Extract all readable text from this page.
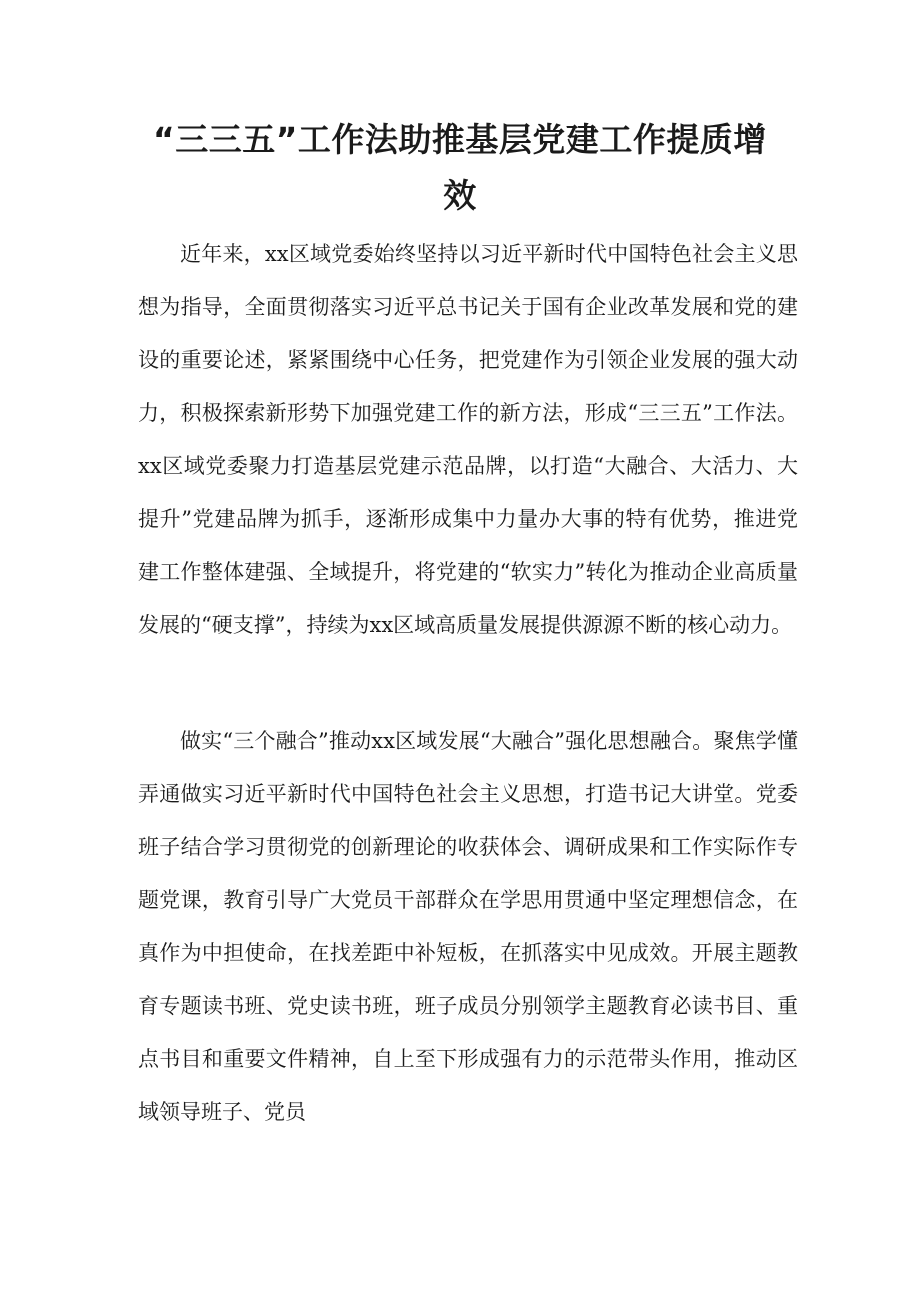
“三三五”工作法助推基层党建工作提质增效

近年来，xx区域党委始终坚持以习近平新时代中国特色社会主义思想为指导，全面贯彻落实习近平总书记关于国有企业改革发展和党的建设的重要论述，紧紧围绕中心任务，把党建作为引领企业发展的强大动力，积极探索新形势下加强党建工作的新方法，形成“三三五”工作法。xx区域党委聚力打造基层党建示范品牌，以打造“大融合、大活力、大提升”党建品牌为抓手，逐渐形成集中力量办大事的特有优势，推进党建工作整体建强、全域提升，将党建的“软实力”转化为推动企业高质量发展的“硬支撑”，持续为xx区域高质量发展提供源源不断的核心动力。

做实“三个融合”推动xx区域发展“大融合”强化思想融合。聚焦学懂弄通做实习近平新时代中国特色社会主义思想，打造书记大讲堂。党委班子结合学习贯彻党的创新理论的收获体会、调研成果和工作实际作专题党课，教育引导广大党员干部群众在学思用贯通中坚定理想信念，在真作为中担使命，在找差距中补短板，在抓落实中见成效。开展主题教育专题读书班、党史读书班，班子成员分别领学主题教育必读书目、重点书目和重要文件精神，自上至下形成强有力的示范带头作用，推动区域领导班子、党员
